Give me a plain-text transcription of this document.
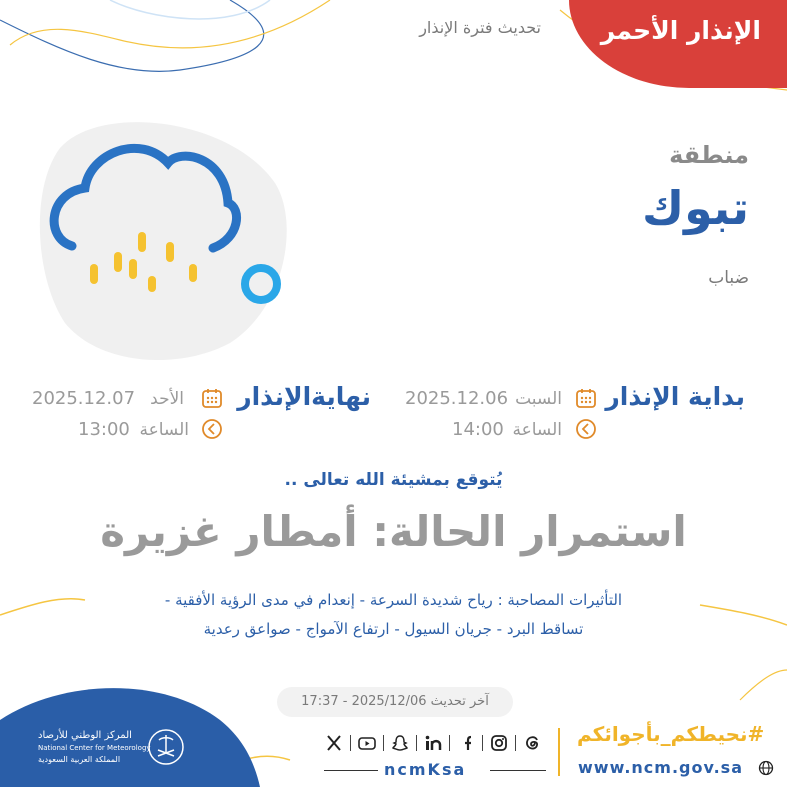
الإنذار الأحمر
تحديث فترة الإنذار
منطقة
تبوك
ضباب
بداية الإنذار
السبت
2025.12.06
الساعة
14:00
نهايةالإنذار
الأحد
2025.12.07
الساعة
13:00
يُتوقع بمشيئة الله تعالى ..
استمرار الحالة: أمطار غزيرة
التأثيرات المصاحبة : رياح شديدة السرعة - إنعدام في مدى الرؤية الأفقية -
تساقط البرد - جريان السيول - ارتفاع الآمواج - صواعق رعدية
آخر تحديث 2025/12/06 - 17:37
المركز الوطني للأرصاد
National Center for Meteorology
المملكة العربية السعودية
ncmKsa
#نحيطكم_بأجوائكم
www.ncm.gov.sa
